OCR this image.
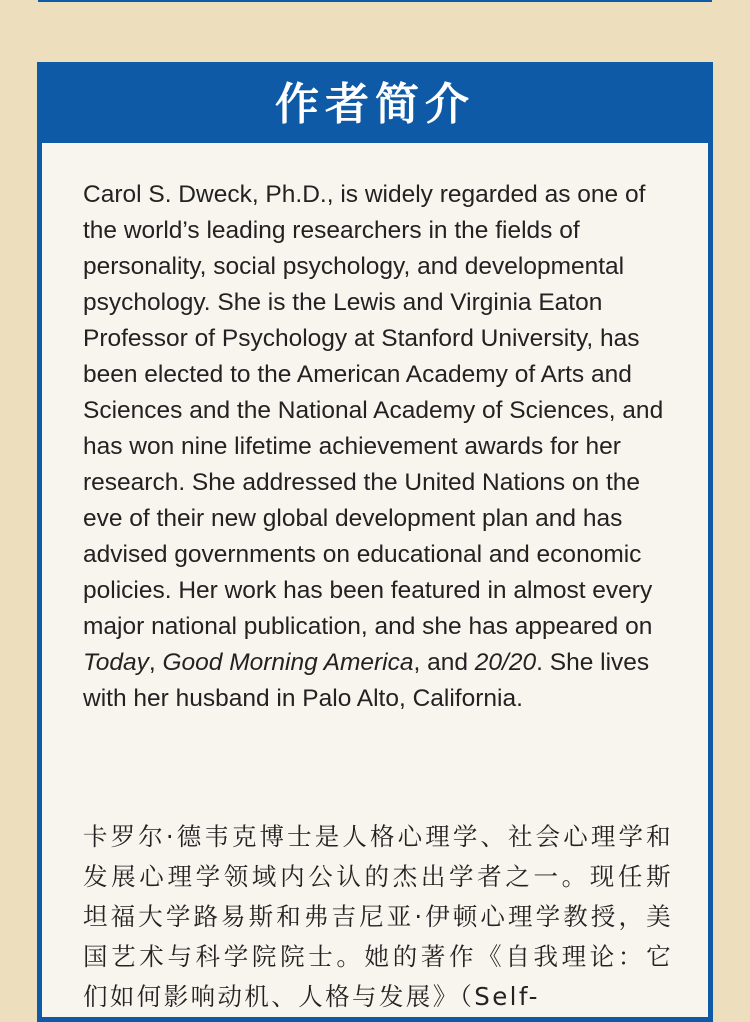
作者简介

Carol S. Dweck, Ph.D., is widely regarded as one of the world’s leading researchers in the fields of personality, social psychology, and developmental psychology. She is the Lewis and Virginia Eaton Professor of Psychology at Stanford University, has been elected to the American Academy of Arts and Sciences and the National Academy of Sciences, and has won nine lifetime achievement awards for her research. She addressed the United Nations on the eve of their new global development plan and has advised governments on educational and economic policies. Her work has been featured in almost every major national publication, and she has appeared on Today, Good Morning America, and 20/20. She lives with her husband in Palo Alto, California.

卡罗尔·德韦克博士是人格心理学、社会心理学和发展心理学领域内公认的杰出学者之一。现任斯坦福大学路易斯和弗吉尼亚·伊顿心理学教授，美国艺术与科学院院士。她的著作《自我理论：它们如何影响动机、人格与发展》（Self-
